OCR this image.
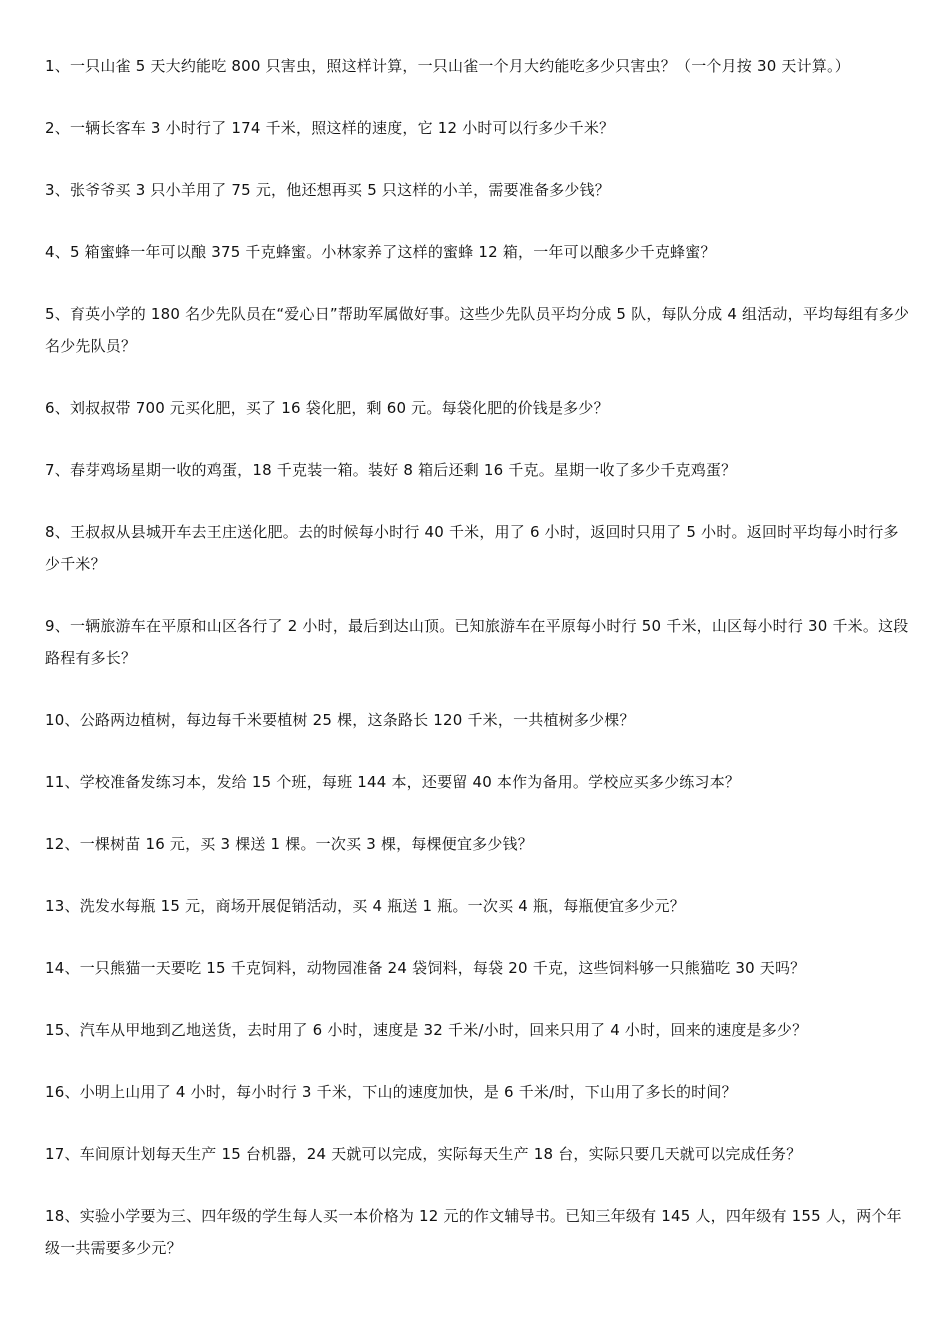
1、一只山雀 5 天大约能吃 800 只害虫，照这样计算，一只山雀一个月大约能吃多少只害虫？（一个月按 30 天计算。）

2、一辆长客车 3 小时行了 174 千米，照这样的速度，它 12 小时可以行多少千米？

3、张爷爷买 3 只小羊用了 75 元，他还想再买 5 只这样的小羊，需要准备多少钱？

4、5 箱蜜蜂一年可以酿 375 千克蜂蜜。小林家养了这样的蜜蜂 12 箱，一年可以酿多少千克蜂蜜？

5、育英小学的 180 名少先队员在“爱心日”帮助军属做好事。这些少先队员平均分成 5 队，每队分成 4 组活动，平均每组有多少名少先队员？

6、刘叔叔带 700 元买化肥，买了 16 袋化肥，剩 60 元。每袋化肥的价钱是多少？

7、春芽鸡场星期一收的鸡蛋，18 千克装一箱。装好 8 箱后还剩 16 千克。星期一收了多少千克鸡蛋？

8、王叔叔从县城开车去王庄送化肥。去的时候每小时行 40 千米，用了 6 小时，返回时只用了 5 小时。返回时平均每小时行多少千米？

9、一辆旅游车在平原和山区各行了 2 小时，最后到达山顶。已知旅游车在平原每小时行 50 千米，山区每小时行 30 千米。这段路程有多长？

10、公路两边植树，每边每千米要植树 25 棵，这条路长 120 千米，一共植树多少棵？

11、学校准备发练习本，发给 15 个班，每班 144 本，还要留 40 本作为备用。学校应买多少练习本？

12、一棵树苗 16 元，买 3 棵送 1 棵。一次买 3 棵，每棵便宜多少钱？

13、洗发水每瓶 15 元，商场开展促销活动，买 4 瓶送 1 瓶。一次买 4 瓶，每瓶便宜多少元？

14、一只熊猫一天要吃 15 千克饲料，动物园准备 24 袋饲料，每袋 20 千克，这些饲料够一只熊猫吃 30 天吗？

15、汽车从甲地到乙地送货，去时用了 6 小时，速度是 32 千米/小时，回来只用了 4 小时，回来的速度是多少？

16、小明上山用了 4 小时，每小时行 3 千米，下山的速度加快，是 6 千米/时，下山用了多长的时间？

17、车间原计划每天生产 15 台机器，24 天就可以完成，实际每天生产 18 台，实际只要几天就可以完成任务？

18、实验小学要为三、四年级的学生每人买一本价格为 12 元的作文辅导书。已知三年级有 145 人，四年级有 155 人，两个年级一共需要多少元？
